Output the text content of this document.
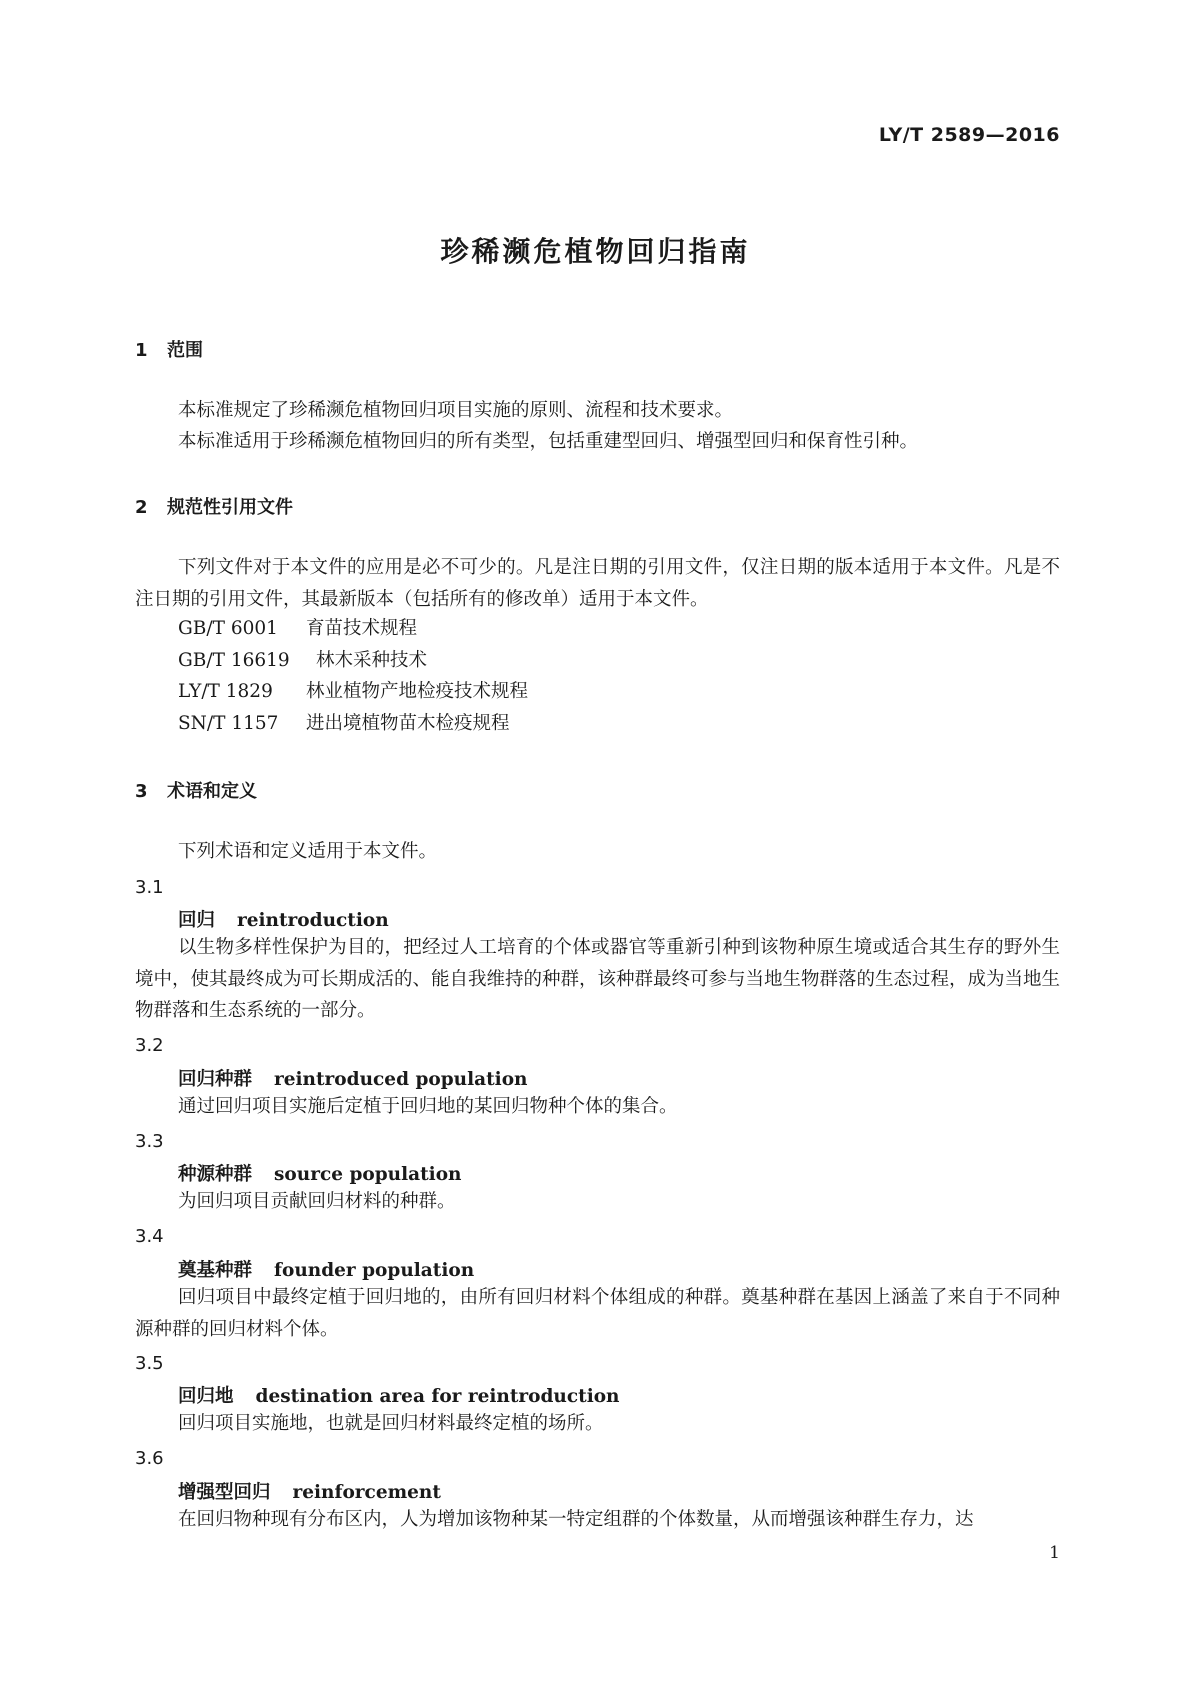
LY/T 2589—2016
珍稀濒危植物回归指南
1 范围
本标准规定了珍稀濒危植物回归项目实施的原则、流程和技术要求。
本标准适用于珍稀濒危植物回归的所有类型，包括重建型回归、增强型回归和保育性引种。
2 规范性引用文件
下列文件对于本文件的应用是必不可少的。凡是注日期的引用文件，仅注日期的版本适用于本文件。凡是不注日期的引用文件，其最新版本（包括所有的修改单）适用于本文件。
GB/T 6001 育苗技术规程
GB/T 16619 林木采种技术
LY/T 1829 林业植物产地检疫技术规程
SN/T 1157 进出境植物苗木检疫规程
3 术语和定义
下列术语和定义适用于本文件。
3.1
回归 reintroduction
以生物多样性保护为目的，把经过人工培育的个体或器官等重新引种到该物种原生境或适合其生存的野外生境中，使其最终成为可长期成活的、能自我维持的种群，该种群最终可参与当地生物群落的生态过程，成为当地生物群落和生态系统的一部分。
3.2
回归种群 reintroduced population
通过回归项目实施后定植于回归地的某回归物种个体的集合。
3.3
种源种群 source population
为回归项目贡献回归材料的种群。
3.4
奠基种群 founder population
回归项目中最终定植于回归地的，由所有回归材料个体组成的种群。奠基种群在基因上涵盖了来自于不同种源种群的回归材料个体。
3.5
回归地 destination area for reintroduction
回归项目实施地，也就是回归材料最终定植的场所。
3.6
增强型回归 reinforcement
在回归物种现有分布区内，人为增加该物种某一特定组群的个体数量，从而增强该种群生存力，达
1
